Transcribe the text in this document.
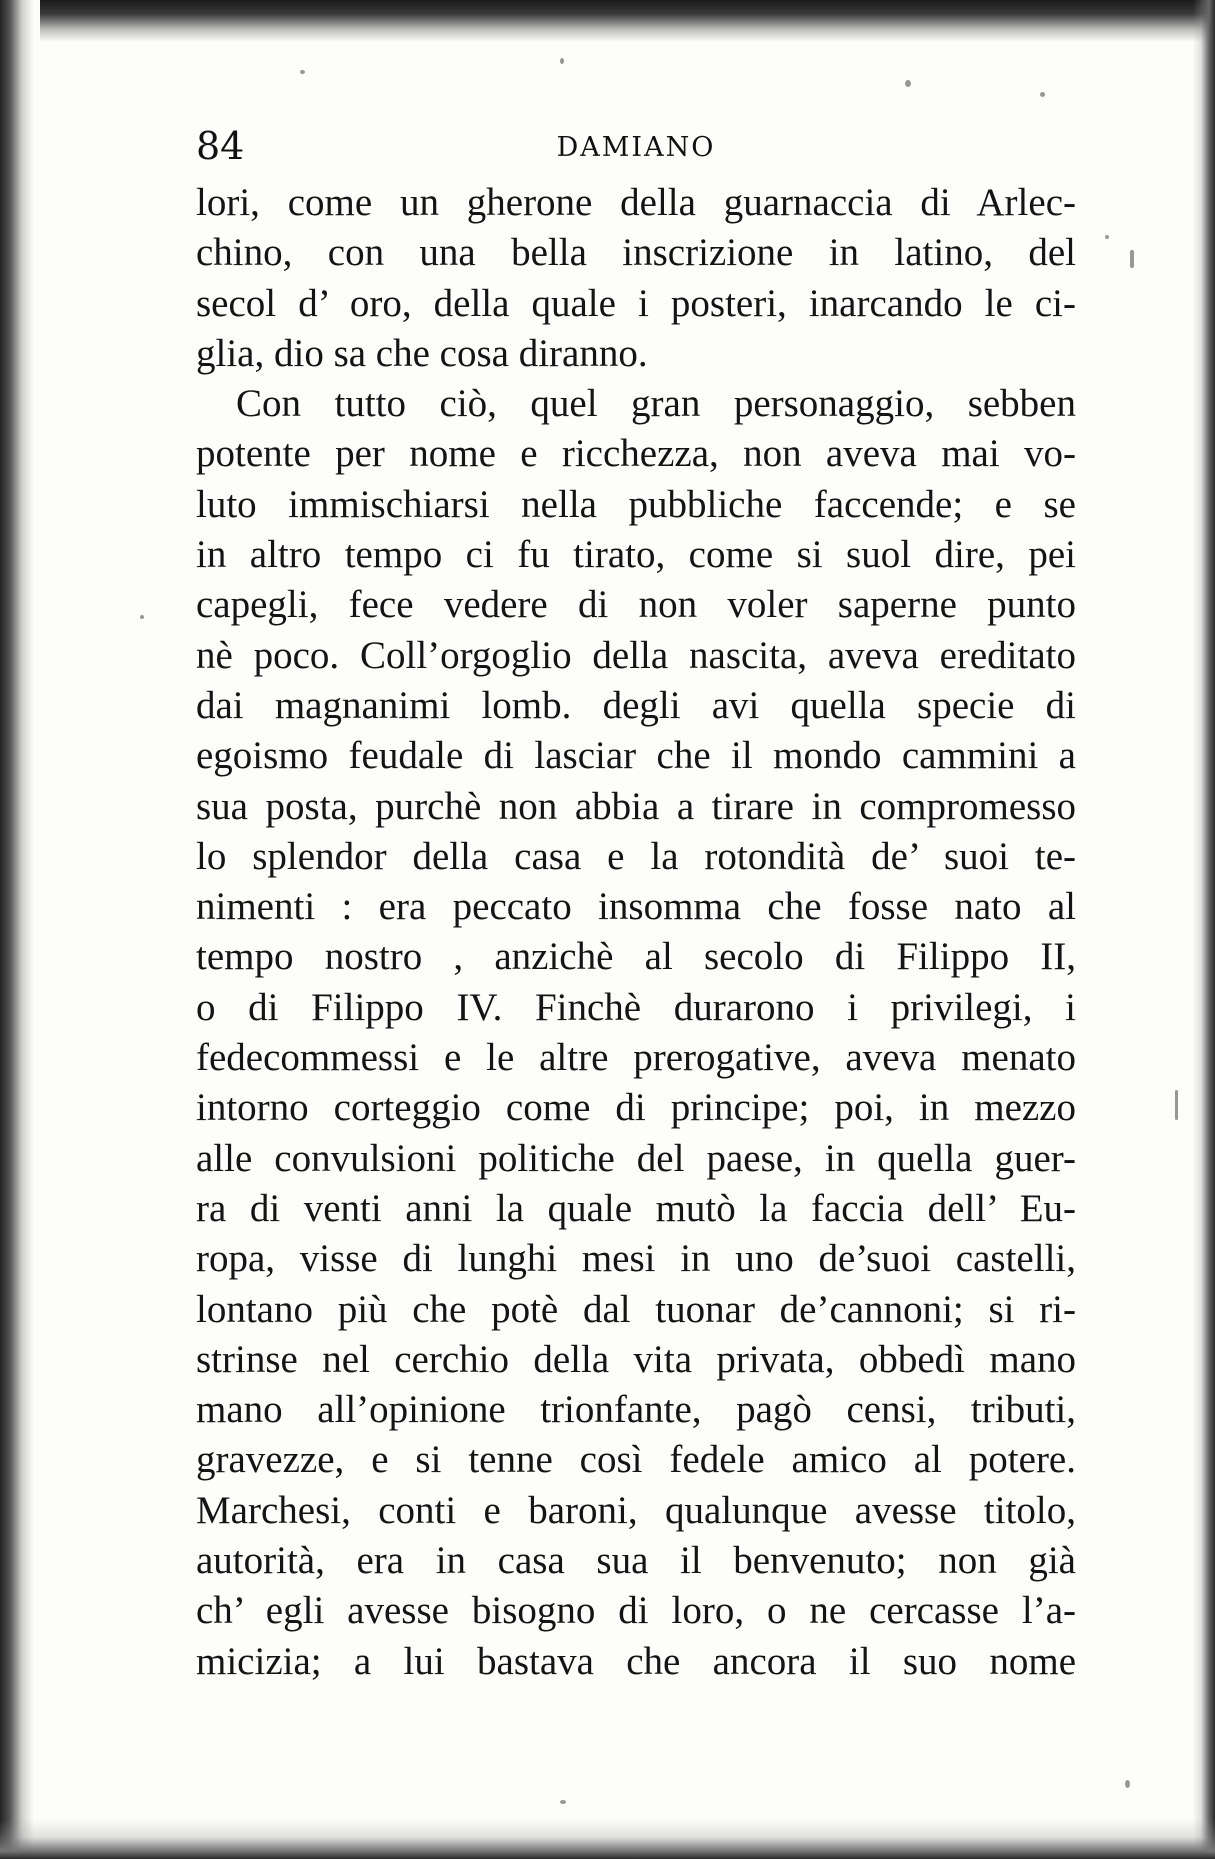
84	DAMIANO
lori, come un gherone della guarnaccia di Arlec-
chino, con una bella inscrizione in latino, del
secol d’ oro, della quale i posteri, inarcando le ci-
glia, dio sa che cosa diranno.
Con tutto ciò, quel gran personaggio, sebben
potente per nome e ricchezza, non aveva mai vo-
luto immischiarsi nella pubbliche faccende; e se
in altro tempo ci fu tirato, come si suol dire, pei
capegli, fece vedere di non voler saperne punto
nè poco. Coll’orgoglio della nascita, aveva ereditato
dai magnanimi lomb. degli avi quella specie di
egoismo feudale di lasciar che il mondo cammini a
sua posta, purchè non abbia a tirare in compromesso
lo splendor della casa e la rotondità de’ suoi te-
nimenti : era peccato insomma che fosse nato al
tempo nostro , anzichè al secolo di Filippo II,
o di Filippo IV. Finchè durarono i privilegi, i
fedecommessi e le altre prerogative, aveva menato
intorno corteggio come di principe; poi, in mezzo
alle convulsioni politiche del paese, in quella guer-
ra di venti anni la quale mutò la faccia dell’ Eu-
ropa, visse di lunghi mesi in uno de’suoi castelli,
lontano più che potè dal tuonar de’cannoni; si ri-
strinse nel cerchio della vita privata, obbedì mano
mano all’opinione trionfante, pagò censi, tributi,
gravezze, e si tenne così fedele amico al potere.
Marchesi, conti e baroni, qualunque avesse titolo,
autorità, era in casa sua il benvenuto; non già
ch’ egli avesse bisogno di loro, o ne cercasse l’a-
micizia; a lui bastava che ancora il suo nome
